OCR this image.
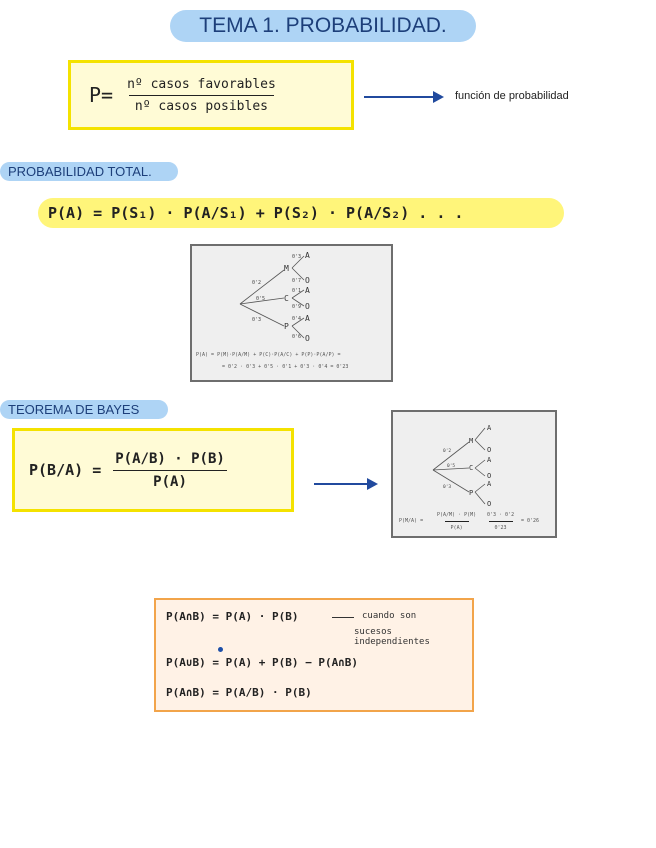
TEMA 1. PROBABILIDAD.
$P= \frac{\text{nº casos favorables}}{\text{nº casos posibles}}$	función de probabilidad
PROBABILIDAD TOTAL.
P(A) = P(S₁) · P(A/S₁) + P(S₂) · P(A/S₂) . . .
0'2
0'5
0'3
0'3
0'7
0'1
0'9
0'4
0'6
M
C
P
A
O
A
O
A
O
P(A) = P(M)·P(A/M) + P(C)·P(A/C) + P(P)·P(A/P) =
= 0'2 · 0'3 + 0'5 · 0'1 + 0'3 · 0'4 = 0'23
TEOREMA DE BAYES
$P(B/A) = \frac{P(A/B) \cdot P(B)}{P(A)}$	0'2
0'5
0'3
M
C
P
A
O
A
O
A
O
$P(M/A) = \frac{P(A/M) \cdot P(M)}{P(A)}$
$\frac{0'3 \cdot 0'2}{0'23} = 0'26$
P(A∩B) = P(A) · P(B)	cuando son
sucesos independientes
P(A∪B) = P(A) + P(B) − P(A∩B)
P(A∩B) = P(A/B) · P(B)
